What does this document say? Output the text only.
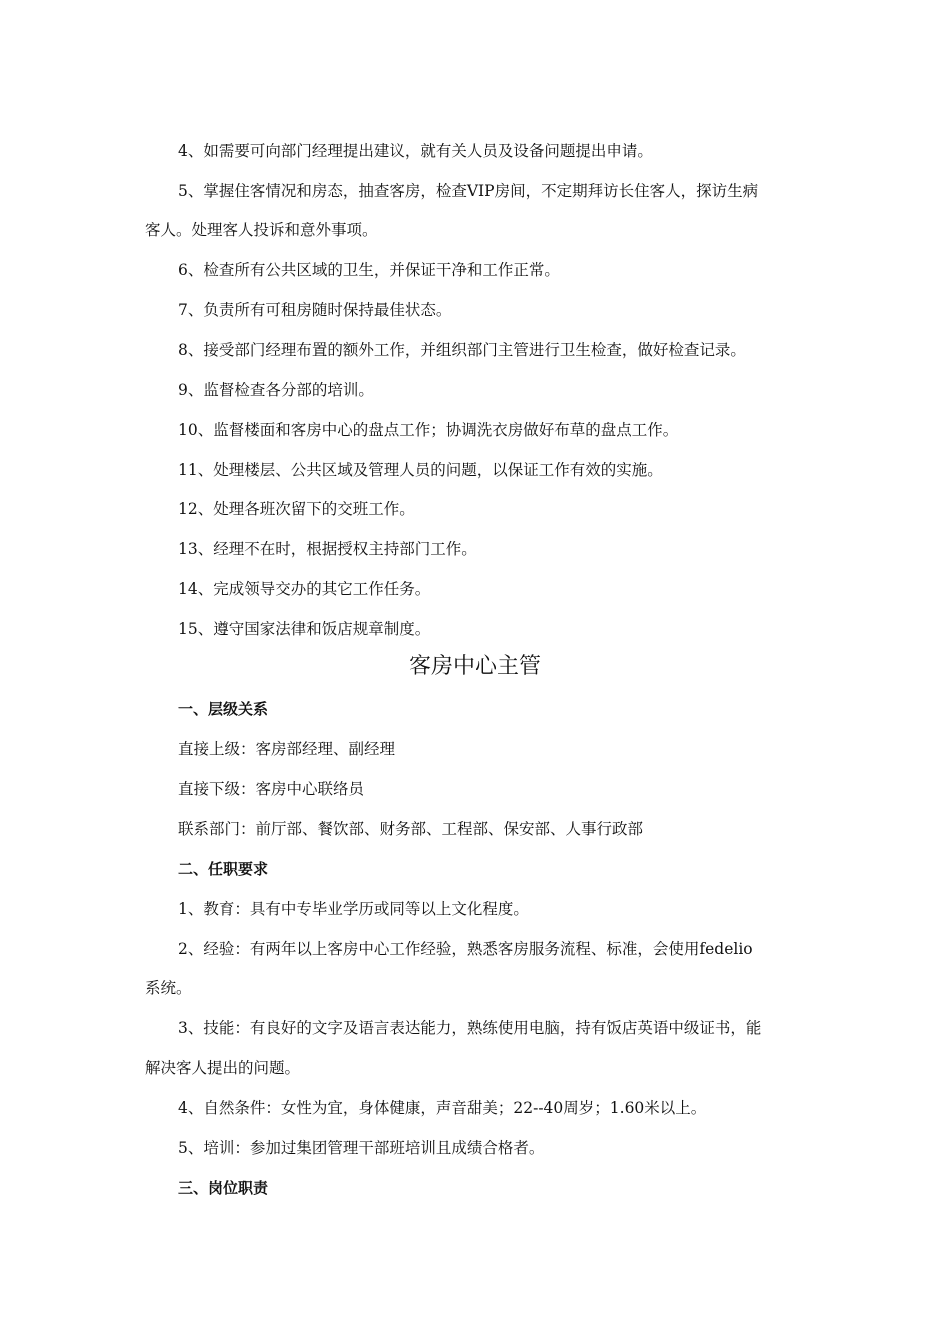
4、如需要可向部门经理提出建议，就有关人员及设备问题提出申请。
5、掌握住客情况和房态，抽查客房，检查VIP房间，不定期拜访长住客人，探访生病
客人。处理客人投诉和意外事项。
6、检查所有公共区域的卫生，并保证干净和工作正常。
7、负责所有可租房随时保持最佳状态。
8、接受部门经理布置的额外工作，并组织部门主管进行卫生检查，做好检查记录。
9、监督检查各分部的培训。
10、监督楼面和客房中心的盘点工作；协调洗衣房做好布草的盘点工作。
11、处理楼层、公共区域及管理人员的问题，以保证工作有效的实施。
12、处理各班次留下的交班工作。
13、经理不在时，根据授权主持部门工作。
14、完成领导交办的其它工作任务。
15、遵守国家法律和饭店规章制度。
客房中心主管
一、层级关系
直接上级：客房部经理、副经理
直接下级：客房中心联络员
联系部门：前厅部、餐饮部、财务部、工程部、保安部、人事行政部
二、任职要求
1、教育：具有中专毕业学历或同等以上文化程度。
2、经验：有两年以上客房中心工作经验，熟悉客房服务流程、标准，会使用fedelio
系统。
3、技能：有良好的文字及语言表达能力，熟练使用电脑，持有饭店英语中级证书，能
解决客人提出的问题。
4、自然条件：女性为宜，身体健康，声音甜美；22--40周岁；1.60米以上。
5、培训：参加过集团管理干部班培训且成绩合格者。
三、岗位职责
